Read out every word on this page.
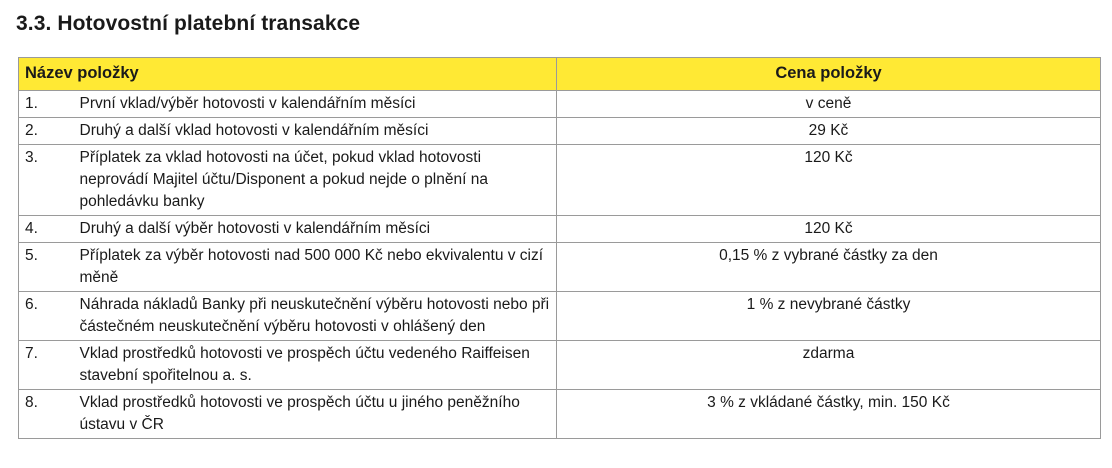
3.3. Hotovostní platební transakce
Název položky		Cena položky
1.	První vklad/výběr hotovosti v kalendářním měsíci	v ceně
2.	Druhý a další vklad hotovosti v kalendářním měsíci	29 Kč
3.	Příplatek za vklad hotovosti na účet, pokud vklad hotovosti neprovádí Majitel účtu/Disponent a pokud nejde o plnění na pohledávku banky	120 Kč
4.	Druhý a další výběr hotovosti v kalendářním měsíci	120 Kč
5.	Příplatek za výběr hotovosti nad 500 000 Kč nebo ekvivalentu v cizí měně	0,15 % z vybrané částky za den
6.	Náhrada nákladů Banky při neuskutečnění výběru hotovosti nebo při částečném neuskutečnění výběru hotovosti v ohlášený den	1 % z nevybrané částky
7.	Vklad prostředků hotovosti ve prospěch účtu vedeného Raiffeisen stavební spořitelnou a. s.	zdarma
8.	Vklad prostředků hotovosti ve prospěch účtu u jiného peněžního ústavu v ČR	3 % z vkládané částky, min. 150 Kč
